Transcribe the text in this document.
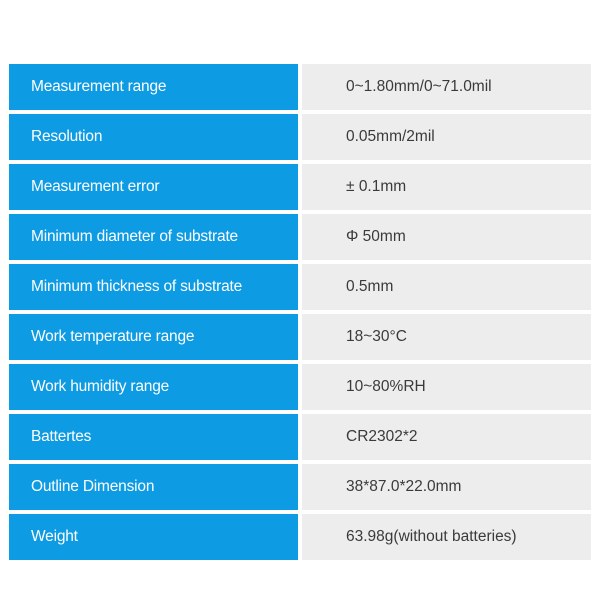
Measurement range	0~1.80mm/0~71.0mil
Resolution	0.05mm/2mil
Measurement error	± 0.1mm
Minimum diameter of substrate	Φ 50mm
Minimum thickness of substrate	0.5mm
Work temperature range	18~30°C
Work humidity range	10~80%RH
Battertes	CR2302*2
Outline Dimension	38*87.0*22.0mm
Weight	63.98g(without batteries)
